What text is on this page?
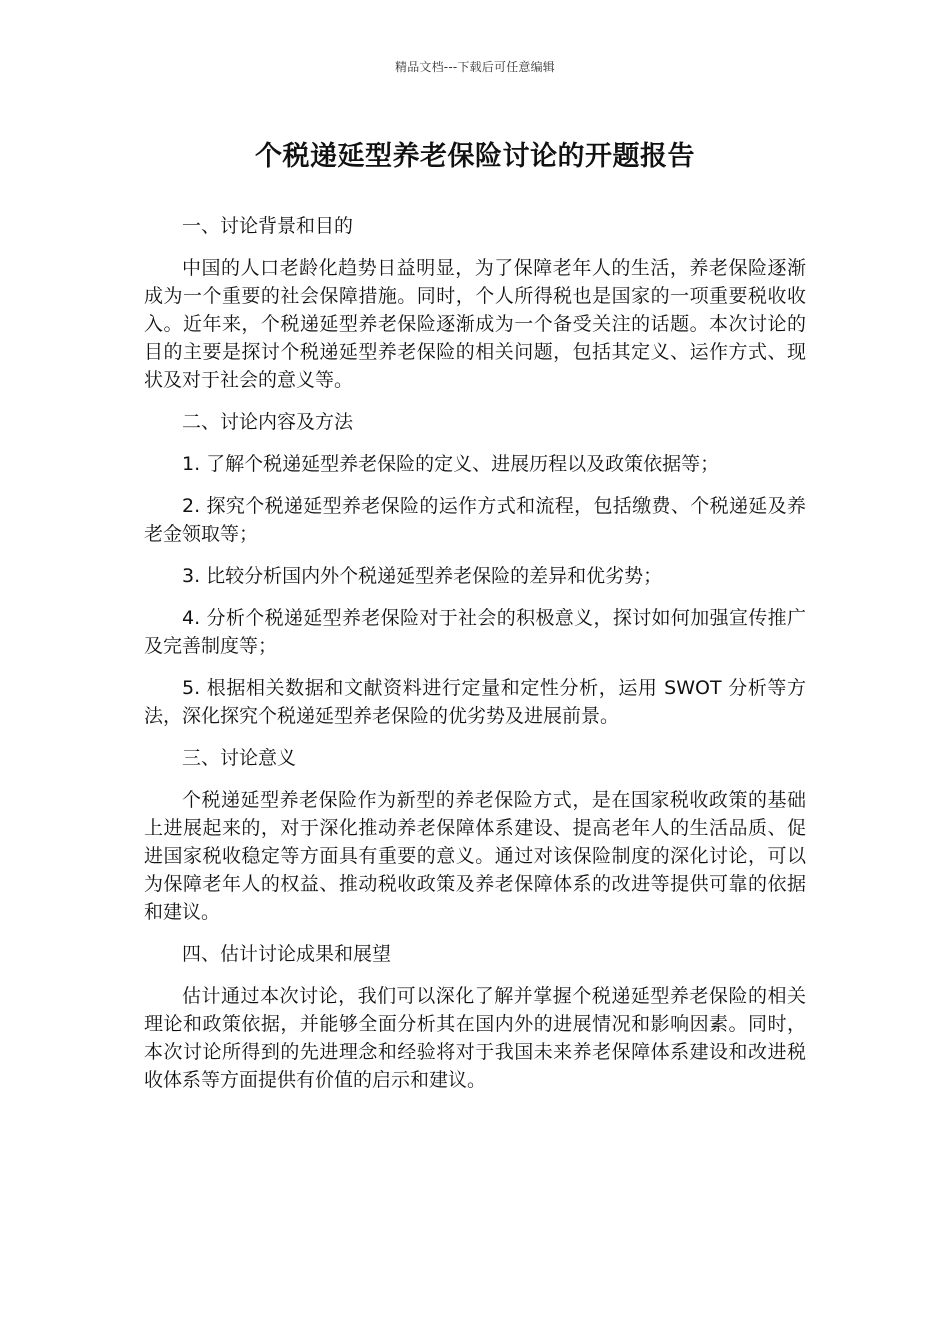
精品文档---下载后可任意编辑
个税递延型养老保险讨论的开题报告

一、讨论背景和目的

中国的人口老龄化趋势日益明显，为了保障老年人的生活，养老保险逐渐成为一个重要的社会保障措施。同时，个人所得税也是国家的一项重要税收收入。近年来，个税递延型养老保险逐渐成为一个备受关注的话题。本次讨论的目的主要是探讨个税递延型养老保险的相关问题，包括其定义、运作方式、现状及对于社会的意义等。

二、讨论内容及方法

1. 了解个税递延型养老保险的定义、进展历程以及政策依据等；

2. 探究个税递延型养老保险的运作方式和流程，包括缴费、个税递延及养老金领取等；

3. 比较分析国内外个税递延型养老保险的差异和优劣势；

4. 分析个税递延型养老保险对于社会的积极意义，探讨如何加强宣传推广及完善制度等；

5. 根据相关数据和文献资料进行定量和定性分析，运用 SWOT 分析等方法，深化探究个税递延型养老保险的优劣势及进展前景。

三、讨论意义

个税递延型养老保险作为新型的养老保险方式，是在国家税收政策的基础上进展起来的，对于深化推动养老保障体系建设、提高老年人的生活品质、促进国家税收稳定等方面具有重要的意义。通过对该保险制度的深化讨论，可以为保障老年人的权益、推动税收政策及养老保障体系的改进等提供可靠的依据和建议。

四、估计讨论成果和展望

估计通过本次讨论，我们可以深化了解并掌握个税递延型养老保险的相关理论和政策依据，并能够全面分析其在国内外的进展情况和影响因素。同时，本次讨论所得到的先进理念和经验将对于我国未来养老保障体系建设和改进税收体系等方面提供有价值的启示和建议。
